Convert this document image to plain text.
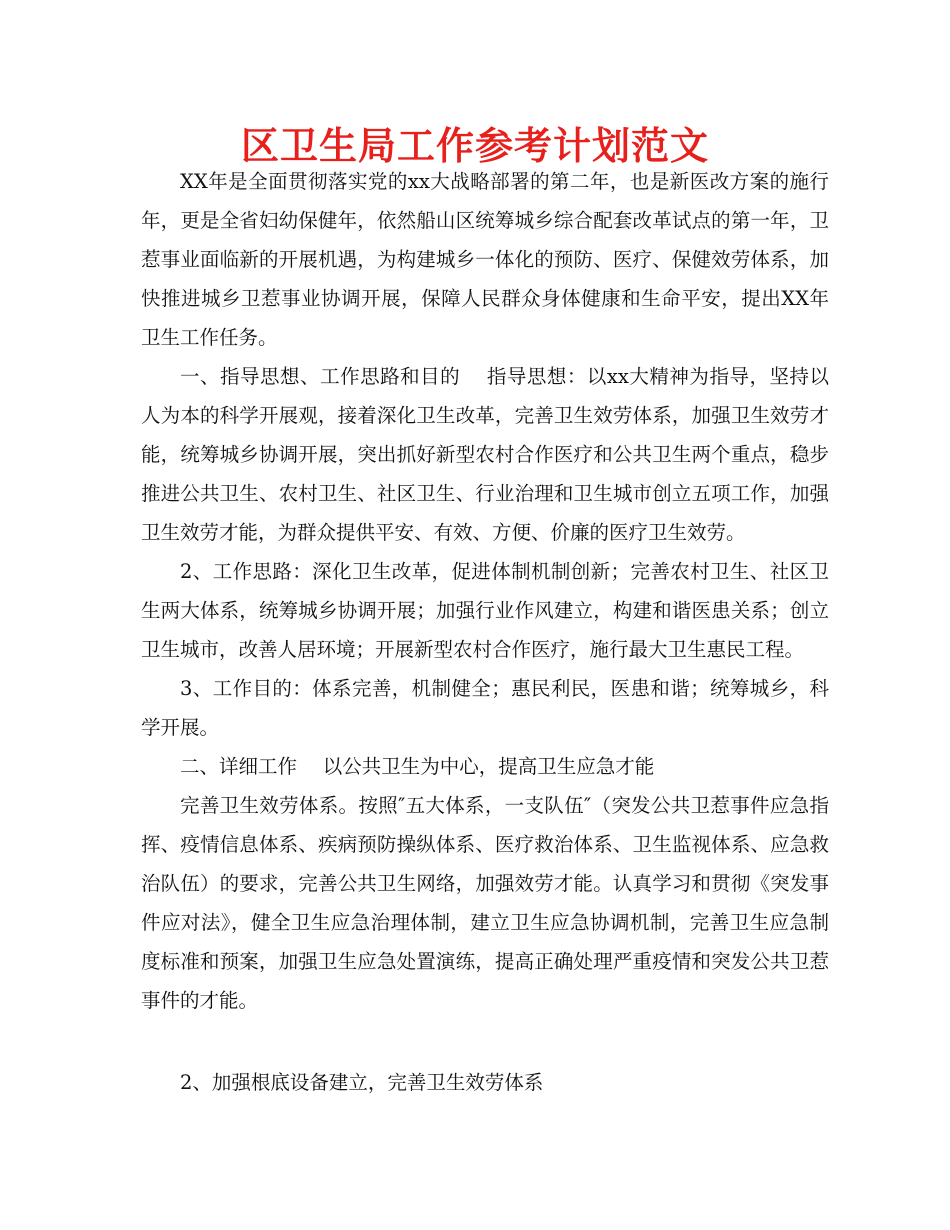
区卫生局工作参考计划范文

XX年是全面贯彻落实党的xx大战略部署的第二年，也是新医改方案的施行年，更是全省妇幼保健年，依然船山区统筹城乡综合配套改革试点的第一年，卫惹事业面临新的开展机遇，为构建城乡一体化的预防、医疗、保健效劳体系，加快推进城乡卫惹事业协调开展，保障人民群众身体健康和生命平安，提出XX年卫生工作任务。

一、指导思想、工作思路和目的　 指导思想：以xx大精神为指导，坚持以人为本的科学开展观，接着深化卫生改革，完善卫生效劳体系，加强卫生效劳才能，统筹城乡协调开展，突出抓好新型农村合作医疗和公共卫生两个重点，稳步推进公共卫生、农村卫生、社区卫生、行业治理和卫生城市创立五项工作，加强卫生效劳才能，为群众提供平安、有效、方便、价廉的医疗卫生效劳。

2、工作思路：深化卫生改革，促进体制机制创新；完善农村卫生、社区卫生两大体系，统筹城乡协调开展；加强行业作风建立，构建和谐医患关系；创立卫生城市，改善人居环境；开展新型农村合作医疗，施行最大卫生惠民工程。

3、工作目的：体系完善，机制健全；惠民利民，医患和谐；统筹城乡，科学开展。

二、详细工作　 以公共卫生为中心，提高卫生应急才能

完善卫生效劳体系。按照″五大体系，一支队伍″（突发公共卫惹事件应急指挥、疫情信息体系、疾病预防操纵体系、医疗救治体系、卫生监视体系、应急救治队伍）的要求，完善公共卫生网络，加强效劳才能。认真学习和贯彻《突发事件应对法》，健全卫生应急治理体制，建立卫生应急协调机制，完善卫生应急制度标准和预案，加强卫生应急处置演练，提高正确处理严重疫情和突发公共卫惹事件的才能。

2、加强根底设备建立，完善卫生效劳体系
